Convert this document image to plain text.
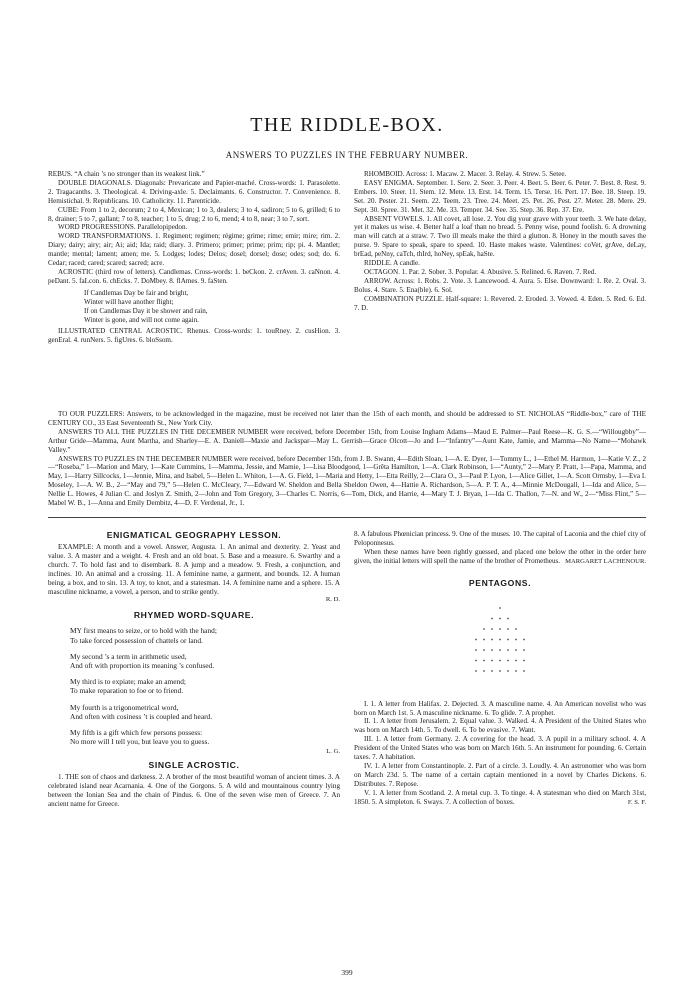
THE RIDDLE-BOX.
ANSWERS TO PUZZLES IN THE FEBRUARY NUMBER.

REBUS. “A chain ’s no stronger than its weakest link.”

DOUBLE DIAGONALS. Diagonals: Prevaricate and Papier-maché. Cross-words: 1. Parasolette. 2. Tragacanths. 3. Theological. 4. Driving-axle. 5. Declaimants. 6. Constructor. 7. Convenience. 8. Hemistichal. 9. Republicans. 10. Catholicity. 11. Parenticide.

CUBE: From 1 to 2, decorum; 2 to 4, Mexican; 1 to 3, dealers; 3 to 4, sadiron; 5 to 6, grilled; 6 to 8, drainer; 5 to 7, gallant; 7 to 8, teacher; 1 to 5, drug; 2 to 6, mend; 4 to 8, near; 3 to 7, sort.

WORD PROGRESSIONS. Parallelopipedon.

WORD TRANSFORMATIONS. 1. Regiment; regimen; régime; grime; rime; emir; mire; rim. 2. Diary; dairy; airy; air; Ai; aid; Ida; raid; diary. 3. Primero; primer; prime; prim; rip; pi. 4. Mantlet; mantle; mental; lament; amen; me. 5. Lodges; lodes; Delos; dosel; dorsel; dose; odes; sod; do. 6. Cedar; raced; cared; scared; sacred; acre.

ACROSTIC (third row of letters). Candlemas. Cross-words: 1. beCkon. 2. crAven. 3. caNnon. 4. peDant. 5. faLcon. 6. chEcks. 7. DoMbey. 8. flAmes. 9. faSten.

If Candlemas Day be fair and bright,
Winter will have another flight;
If on Candlemas Day it be shower and rain,
Winter is gone, and will not come again.

ILLUSTRATED CENTRAL ACROSTIC. Rhenus. Cross-words: 1. touRney. 2. cusHion. 3. genEral. 4. runNers. 5. figUres. 6. bloSsom.

RHOMBOID. Across: 1. Macaw. 2. Macer. 3. Relay. 4. Strew. 5. Setee.

EASY ENIGMA. September. 1. Sere. 2. Seer. 3. Peer. 4. Beet. 5. Beer. 6. Peter. 7. Best. 8. Rest. 9. Embers. 10. Steer. 11. Stem. 12. Mete. 13. Erst. 14. Term. 15. Terse. 16. Pert. 17. Bee. 18. Steep. 19. Set. 20. Pester. 21. Seem. 22. Teem. 23. Tree. 24. Meet. 25. Pet. 26. Pest. 27. Meter. 28. Mere. 29. Sept. 30. Spree. 31. Met. 32. Me. 33. Temper. 34. See. 35. Step. 36. Rep. 37. Ere.

ABSENT VOWELS. 1. All covet, all lose. 2. You dig your grave with your teeth. 3. We hate delay, yet it makes us wise. 4. Better half a loaf than no bread. 5. Penny wise, pound foolish. 6. A drowning man will catch at a straw. 7. Two ill meals make the third a glutton. 8. Honey in the mouth saves the purse. 9. Spare to speak, spare to speed. 10. Haste makes waste. Valentines: coVet, grAve, deLay, brEad, peNny, caTch, thIrd, hoNey, spEak, haSte.

RIDDLE. A candle.

OCTAGON. 1. Par. 2. Sober. 3. Popular. 4. Abusive. 5. Relined. 6. Raven. 7. Red.

ARROW. Across: 1. Robs. 2. Vote. 3. Lancewood. 4. Aura. 5. Else. Downward: 1. Re. 2. Oval. 3. Bolus. 4. Stare. 5. Ena(ble). 6. Sol.

COMBINATION PUZZLE. Half-square: 1. Revered. 2. Eroded. 3. Vowed. 4. Eden. 5. Red. 6. Ed. 7. D.

TO OUR PUZZLERS: Answers, to be acknowledged in the magazine, must be received not later than the 15th of each month, and should be addressed to ST. NICHOLAS “Riddle-box,” care of THE CENTURY CO., 33 East Seventeenth St., New York City.

ANSWERS TO ALL THE PUZZLES IN THE DECEMBER NUMBER were received, before December 15th, from Louise Ingham Adams—Maud E. Palmer—Paul Reese—K. G. S.—“Willougbby”—Arthur Gride—Mamma, Aunt Martha, and Sharley—E. A. Daniell—Maxie and Jackspar—May L. Gerrish—Grace Olcott—Jo and I—“Infantry”—Aunt Kate, Jamie, and Mamma—No Name—“Mohawk Valley.”

ANSWERS TO PUZZLES IN THE DECEMBER NUMBER were received, before December 15th, from J. B. Swann, 4—Edith Sloan, 1—A. E. Dyer, 1—Tommy L., 1—Ethel M. Harmon, 1—Katie V. Z., 2—“Roseba,” 1—Marion and Mary, 1—Kate Cummins, 1—Mamma, Jessie, and Mamie, 1—Lisa Bloodgood, 1—Grêta Hamilton, 1—A. Clark Robinson, 1—“Aunty,” 2—Mary P. Pratt, 1—Papa, Mamma, and May, 1—Harry Sillcocks, 1—Jennie, Mina, and Isabel, 5—Helen L. Whiton, 1—A. G. Field, 1—Maria and Hetty, 1—Etta Reilly, 2—Clara O., 3—Paul P. Lyon, 1—Alice Gillet, 1—A. Scott Ormsby, 1—Eva I. Moseley, 1—A. W. B., 2—“May and 79,” 5—Helen C. McCleary, 7—Edward W. Sheldon and Bella Sheldon Owen, 4—Hattie A. Richardson, 5—A. P. T. A., 4—Minnie McDougall, 1—Ida and Alice, 5—Nellie L. Howes, 4 Julian C. and Joslyn Z. Smith, 2—John and Tom Gregory, 3—Charles C. Norris, 6—Tom, Dick, and Harrie, 4—Mary T. J. Bryan, 1—Ida C. Thallon, 7—N. and W., 2—“Miss Flint,” 5—Mabel W. B., 1—Anna and Emily Dembitz, 4—D. F. Verdenal, Jr., 1.

ENIGMATICAL GEOGRAPHY LESSON.

EXAMPLE: A month and a vowel. Answer, Augusta. 1. An animal and dexterity. 2. Yeast and value. 3. A master and a weight. 4. Fresh and an old boat. 5. Base and a measure. 6. Swarthy and a church. 7. To hold fast and to disembark. 8. A jump and a meadow. 9. Fresh, a conjunction, and inclines. 10. An animal and a crossing. 11. A feminine name, a garment, and bounds. 12. A human being, a box, and to sin. 13. A toy, to knot, and a statesman. 14. A feminine name and a sphere. 15. A masculine nickname, a vowel, a person, and to strike gently.

R. D.

RHYMED WORD-SQUARE.
MY first means to seize, or to hold with the hand;
To take forced possession of chattels or land.
My second ’s a term in arithmetic used,
And oft with proportion its meaning ’s confused.
My third is to expiate; make an amend;
To make reparation to foe or to friend.
My fourth is a trigonometrical word,
And often with cosiness ’t is coupled and heard.
My fifth is a gift which few persons possess:
No more will I tell you, but leave you to guess.

L. G.

SINGLE ACROSTIC.

1. THE son of chaos and darkness. 2. A brother of the most beautiful woman of ancient times. 3. A celebrated island near Acarnania. 4. One of the Gorgons. 5. A wild and mountainous country lying between the Ionian Sea and the chain of Pindus. 6. One of the seven wise men of Greece. 7. An ancient name for Greece.

8. A fabulous Phœnician princess. 9. One of the muses. 10. The capital of Laconia and the chief city of Peloponnesus.

When these names have been rightly guessed, and placed one below the other in the order here given, the initial letters will spell the name of the brother of Prometheus. MARGARET LACHENOUR.

PENTAGONS.

I. 1. A letter from Halifax. 2. Dejected. 3. A masculine name. 4. An American novelist who was born on March 1st. 5. A masculine nickname. 6. To glide. 7. A prophet.

II. 1. A letter from Jerusalem. 2. Equal value. 3. Walked. 4. A President of the United States who was born on March 14th. 5. To dwell. 6. To be evasive. 7. Want.

III. 1. A letter from Germany. 2. A covering for the head. 3. A pupil in a military school. 4. A President of the United States who was born on March 16th. 5. An instrument for pounding. 6. Certain taxes. 7. A habitation.

IV. 1. A letter from Constantinople. 2. Part of a circle. 3. Loudly. 4. An astronomer who was born on March 23d. 5. The name of a certain captain mentioned in a novel by Charles Dickens. 6. Distributes. 7. Repose.

V. 1. A letter from Scotland. 2. A metal cup. 3. To tinge. 4. A statesman who died on March 31st, 1850. 5. A simpleton. 6. Sways. 7. A collection of boxes.	F. S. F.

399
